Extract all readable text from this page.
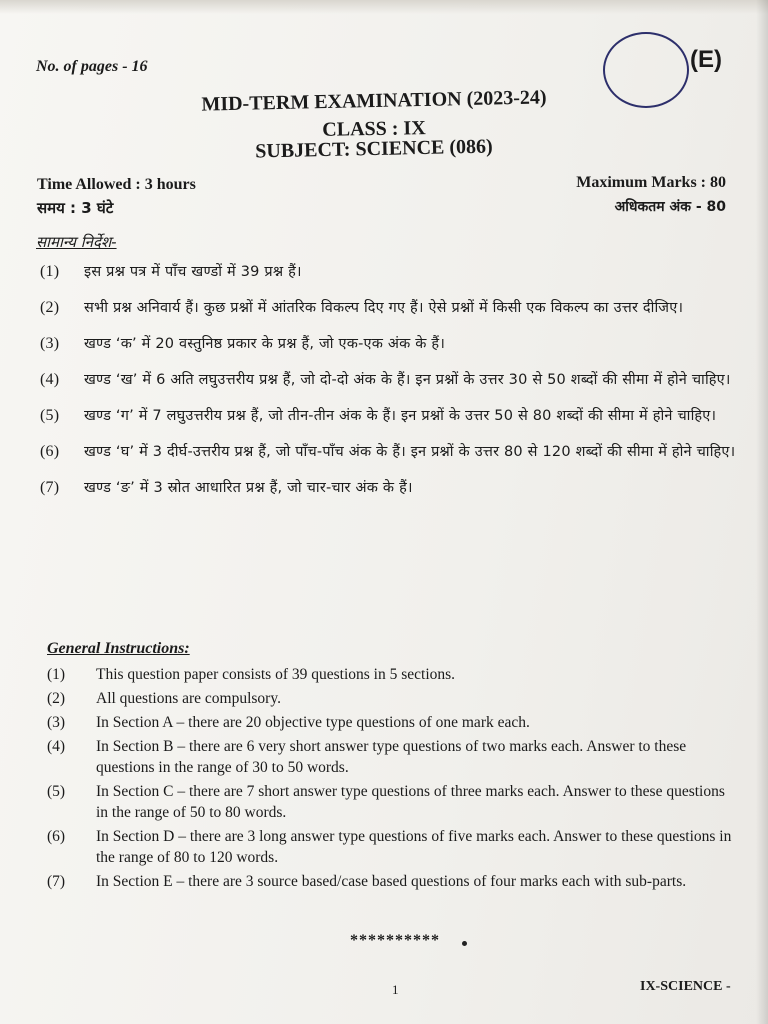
No. of pages - 16	(E)
MID-TERM EXAMINATION (2023-24)
CLASS : IX
SUBJECT: SCIENCE (086)
Time Allowed : 3 hours
समय : 3 घंटे
Maximum Marks : 80
अधिकतम अंक - 80
सामान्य निर्देश-
(1) इस प्रश्न पत्र में पाँच खण्डों में 39 प्रश्न हैं।
(2) सभी प्रश्न अनिवार्य हैं। कुछ प्रश्नों में आंतरिक विकल्प दिए गए हैं। ऐसे प्रश्नों में किसी एक विकल्प का उत्तर दीजिए।
(3) खण्ड ‘क’ में 20 वस्तुनिष्ठ प्रकार के प्रश्न हैं, जो एक-एक अंक के हैं।
(4) खण्ड ‘ख’ में 6 अति लघुउत्तरीय प्रश्न हैं, जो दो-दो अंक के हैं। इन प्रश्नों के उत्तर 30 से 50 शब्दों की सीमा में होने चाहिए।
(5) खण्ड ‘ग’ में 7 लघुउत्तरीय प्रश्न हैं, जो तीन-तीन अंक के हैं। इन प्रश्नों के उत्तर 50 से 80 शब्दों की सीमा में होने चाहिए।
(6) खण्ड ‘घ’ में 3 दीर्घ-उत्तरीय प्रश्न हैं, जो पाँच-पाँच अंक के हैं। इन प्रश्नों के उत्तर 80 से 120 शब्दों की सीमा में होने चाहिए।
(7) खण्ड ‘ङ’ में 3 स्रोत आधारित प्रश्न हैं, जो चार-चार अंक के हैं।
General Instructions:
(1) This question paper consists of 39 questions in 5 sections.
(2) All questions are compulsory.
(3) In Section A – there are 20 objective type questions of one mark each.
(4) In Section B – there are 6 very short answer type questions of two marks each. Answer to these questions in the range of 30 to 50 words.
(5) In Section C – there are 7 short answer type questions of three marks each. Answer to these questions in the range of 50 to 80 words.
(6) In Section D – there are 3 long answer type questions of five marks each. Answer to these questions in the range of 80 to 120 words.
(7) In Section E – there are 3 source based/case based questions of four marks each with sub-parts.
**********
1	IX-SCIENCE -
